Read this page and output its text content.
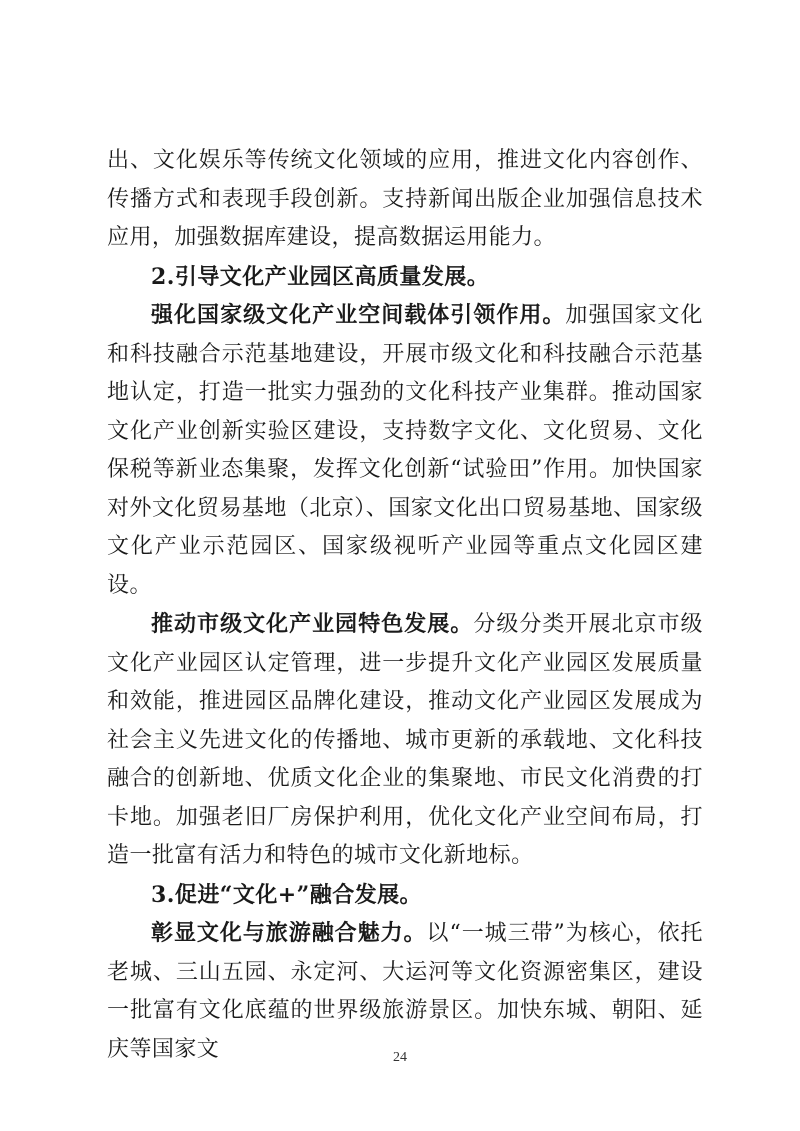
出、文化娱乐等传统文化领域的应用，推进文化内容创作、传播方式和表现手段创新。支持新闻出版企业加强信息技术应用，加强数据库建设，提高数据运用能力。

2.引导文化产业园区高质量发展。

强化国家级文化产业空间载体引领作用。加强国家文化和科技融合示范基地建设，开展市级文化和科技融合示范基地认定，打造一批实力强劲的文化科技产业集群。推动国家文化产业创新实验区建设，支持数字文化、文化贸易、文化保税等新业态集聚，发挥文化创新“试验田”作用。加快国家对外文化贸易基地（北京）、国家文化出口贸易基地、国家级文化产业示范园区、国家级视听产业园等重点文化园区建设。

推动市级文化产业园特色发展。分级分类开展北京市级文化产业园区认定管理，进一步提升文化产业园区发展质量和效能，推进园区品牌化建设，推动文化产业园区发展成为社会主义先进文化的传播地、城市更新的承载地、文化科技融合的创新地、优质文化企业的集聚地、市民文化消费的打卡地。加强老旧厂房保护利用，优化文化产业空间布局，打造一批富有活力和特色的城市文化新地标。

3.促进“文化+”融合发展。

彰显文化与旅游融合魅力。以“一城三带”为核心，依托老城、三山五园、永定河、大运河等文化资源密集区，建设一批富有文化底蕴的世界级旅游景区。加快东城、朝阳、延庆等国家文	24
